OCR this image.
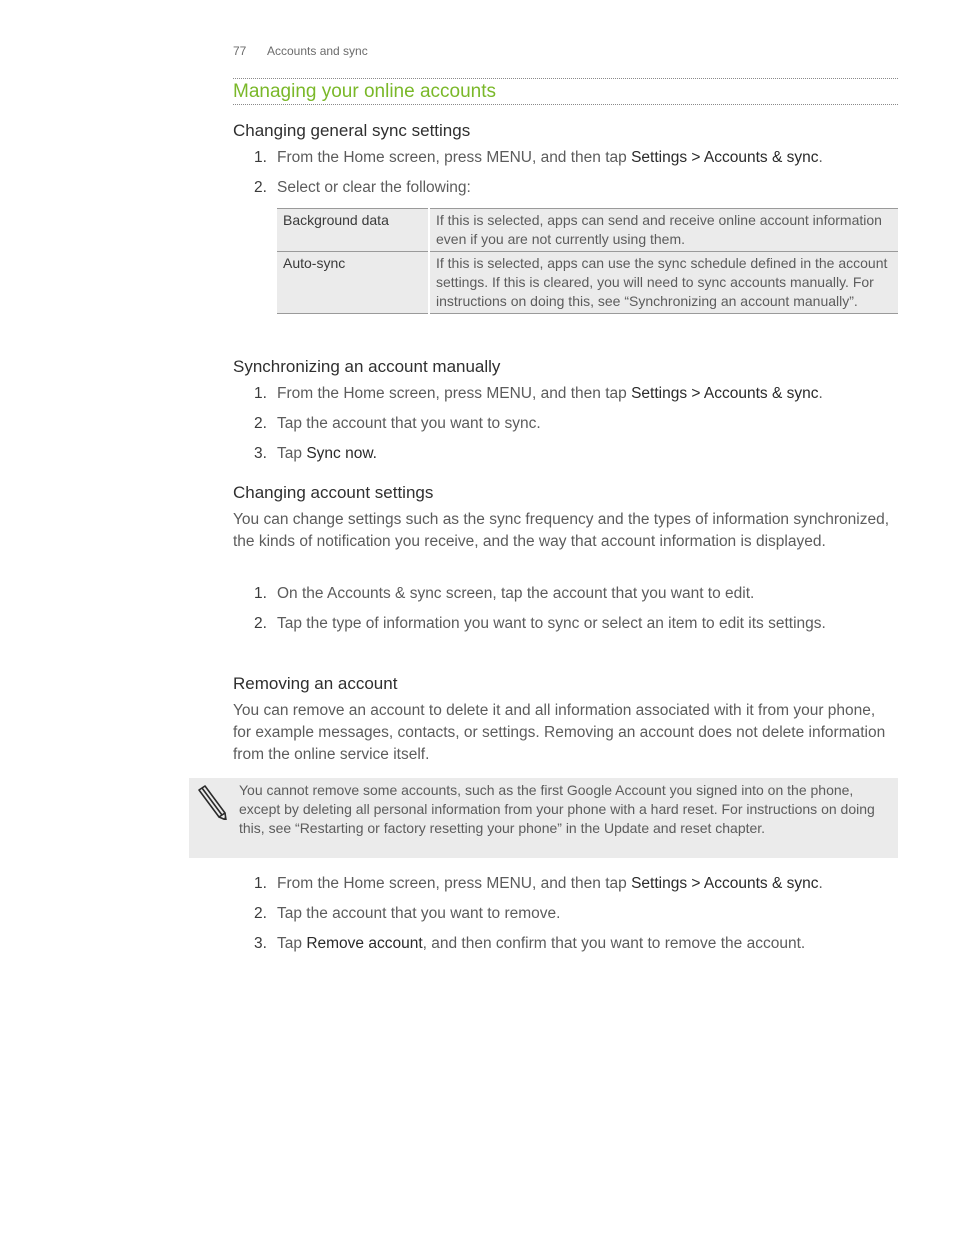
77 Accounts and sync
Managing your online accounts
Changing general sync settings
1. From the Home screen, press MENU, and then tap Settings > Accounts & sync.
2. Select or clear the following:
Background data	If this is selected, apps can send and receive online account information even if you are not currently using them.
Auto-sync	If this is selected, apps can use the sync schedule defined in the account settings. If this is cleared, you will need to sync accounts manually. For instructions on doing this, see “Synchronizing an account manually”.
Synchronizing an account manually
1. From the Home screen, press MENU, and then tap Settings > Accounts & sync.
2. Tap the account that you want to sync.
3. Tap Sync now.
Changing account settings
You can change settings such as the sync frequency and the types of information synchronized, the kinds of notification you receive, and the way that account information is displayed.
1. On the Accounts & sync screen, tap the account that you want to edit.
2. Tap the type of information you want to sync or select an item to edit its settings.
Removing an account
You can remove an account to delete it and all information associated with it from your phone, for example messages, contacts, or settings. Removing an account does not delete information from the online service itself.
You cannot remove some accounts, such as the first Google Account you signed into on the phone, except by deleting all personal information from your phone with a hard reset. For instructions on doing this, see “Restarting or factory resetting your phone” in the Update and reset chapter.
1. From the Home screen, press MENU, and then tap Settings > Accounts & sync.
2. Tap the account that you want to remove.
3. Tap Remove account, and then confirm that you want to remove the account.
